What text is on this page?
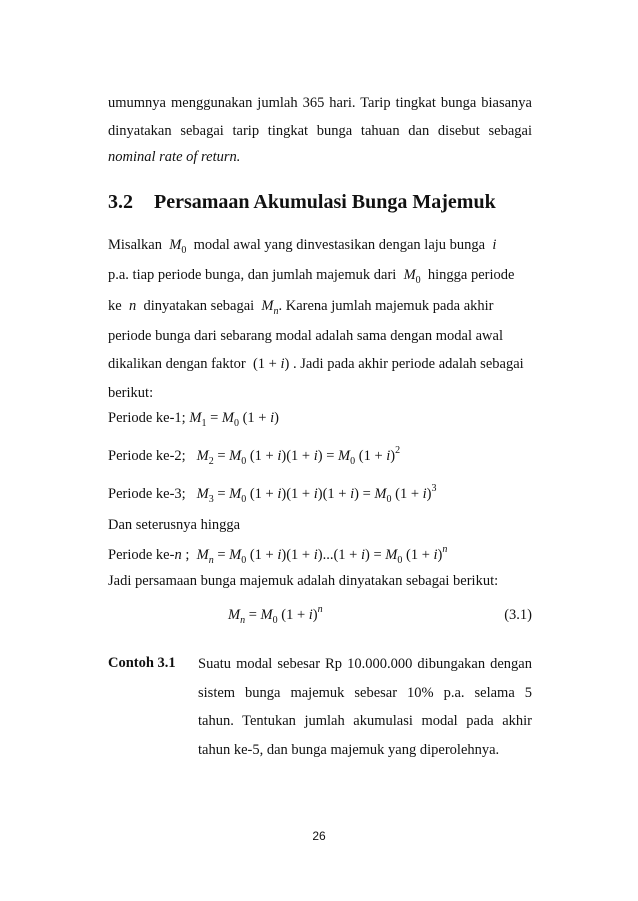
umumnya menggunakan jumlah 365 hari. Tarip tingkat bunga biasanya
dinyatakan sebagai tarip tingkat bunga tahuan dan disebut sebagai
nominal rate of return.
3.2 Persamaan Akumulasi Bunga Majemuk
Misalkan $M_0$ modal awal yang dinvestasikan dengan laju bunga i
p.a. tiap periode bunga, dan jumlah majemuk dari $M_0$ hingga periode
ke n dinyatakan sebagai $M_n$. Karena jumlah majemuk pada akhir
periode bunga dari sebarang modal adalah sama dengan modal awal
dikalikan dengan faktor  (1 + i) . Jadi pada akhir periode adalah sebagai
berikut:
Periode ke-1; $M_1 = M_0$ (1 + i)
Periode ke-2; $M_2 = M_0$ $(1 + i)(1 + i) = M_0$ $(1 + i)^2$
Periode ke-3; $M_3 = M_0$ $(1 + i)(1 + i)(1 + i) = M_0$ $(1 + i)^3$
Dan seterusnya hingga
Periode ke-n ;  $M_n = M_0$ $(1 + i)(1 + i)...(1 + i) = M_0$ $(1 + i)^n$
Jadi persamaan bunga majemuk adalah dinyatakan sebagai berikut:
$M_n = M_0$ $(1 + i)^n$	(3.1)
Contoh 3.1 Suatu modal sebesar Rp 10.000.000 dibungakan dengan
sistem bunga majemuk sebesar 10% p.a. selama 5
tahun. Tentukan jumlah akumulasi modal pada akhir
tahun ke-5, dan bunga majemuk yang diperolehnya.
26
